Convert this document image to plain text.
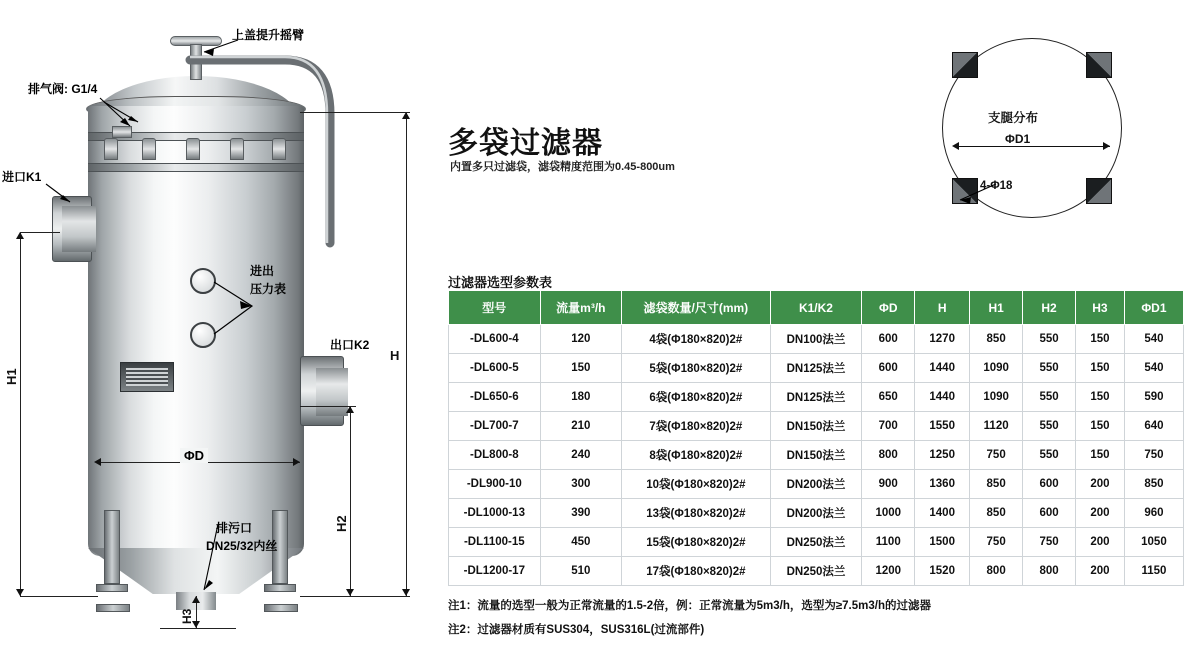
上盖提升摇臂
排气阀: G1/4
进口K1
出口K2
进出
压力表
排污口
DN25/32内丝
H
H1
H2
H3
ΦD
支腿分布
ΦD1
4-Φ18
多袋过滤器
内置多只过滤袋，滤袋精度范围为0.45-800um
过滤器选型参数表
型号	流量m³/h	滤袋数量/尺寸(mm)	K1/K2	ΦD	H	H1	H2	H3	ΦD1
-DL600-4	120	4袋(Φ180×820)2#	DN100法兰	600	1270	850	550	150	540
-DL600-5	150	5袋(Φ180×820)2#	DN125法兰	600	1440	1090	550	150	540
-DL650-6	180	6袋(Φ180×820)2#	DN125法兰	650	1440	1090	550	150	590
-DL700-7	210	7袋(Φ180×820)2#	DN150法兰	700	1550	1120	550	150	640
-DL800-8	240	8袋(Φ180×820)2#	DN150法兰	800	1250	750	550	150	750
-DL900-10	300	10袋(Φ180×820)2#	DN200法兰	900	1360	850	600	200	850
-DL1000-13	390	13袋(Φ180×820)2#	DN200法兰	1000	1400	850	600	200	960
-DL1100-15	450	15袋(Φ180×820)2#	DN250法兰	1100	1500	750	750	200	1050
-DL1200-17	510	17袋(Φ180×820)2#	DN250法兰	1200	1520	800	800	200	1150
注1：流量的选型一般为正常流量的1.5-2倍，例：正常流量为5m3/h，选型为≥7.5m3/h的过滤器
注2：过滤器材质有SUS304，SUS316L(过流部件)
